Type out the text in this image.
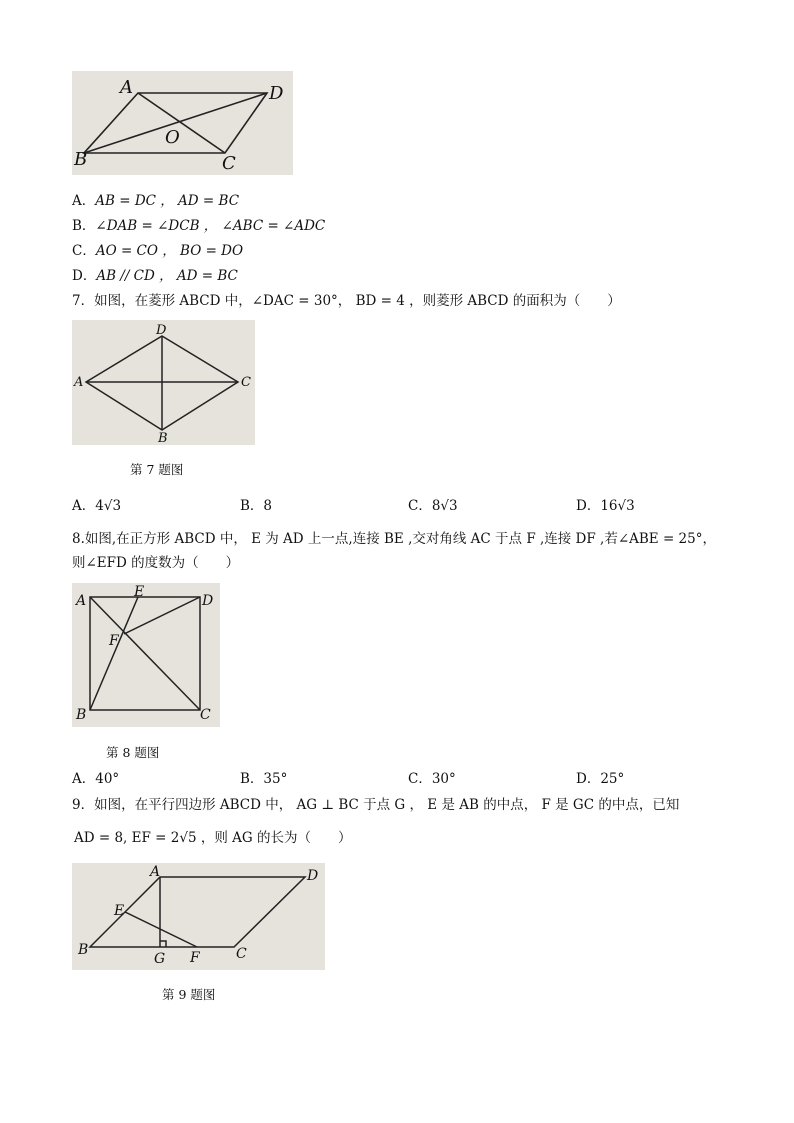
A	D
B	C
O
A．AB = DC ， AD = BC
B．∠DAB = ∠DCB ， ∠ABC = ∠ADC
C．AO = CO ， BO = DO
D．AB // CD ， AD = BC
7．如图，在菱形 ABCD 中，∠DAC = 30°， BD = 4 ，则菱形 ABCD 的面积为（　　）
D
A	C
B
第 7 题图
A．4√3	B．8	C．8√3	D．16√3
8.如图,在正方形 ABCD 中， E 为 AD 上一点,连接 BE ,交对角线 AC 于点 F ,连接 DF ,若∠ABE = 25°，
则∠EFD 的度数为（　　）
A
E
D
F
B	C
第 8 题图
A．40°	B．35°	C．30°	D．25°
9．如图，在平行四边形 ABCD 中， AG ⊥ BC 于点 G ， E 是 AB 的中点， F 是 GC 的中点，已知
AD = 8, EF = 2√5 ，则 AG 的长为（　　）
A	D
E
B
G F	C
第 9 题图
